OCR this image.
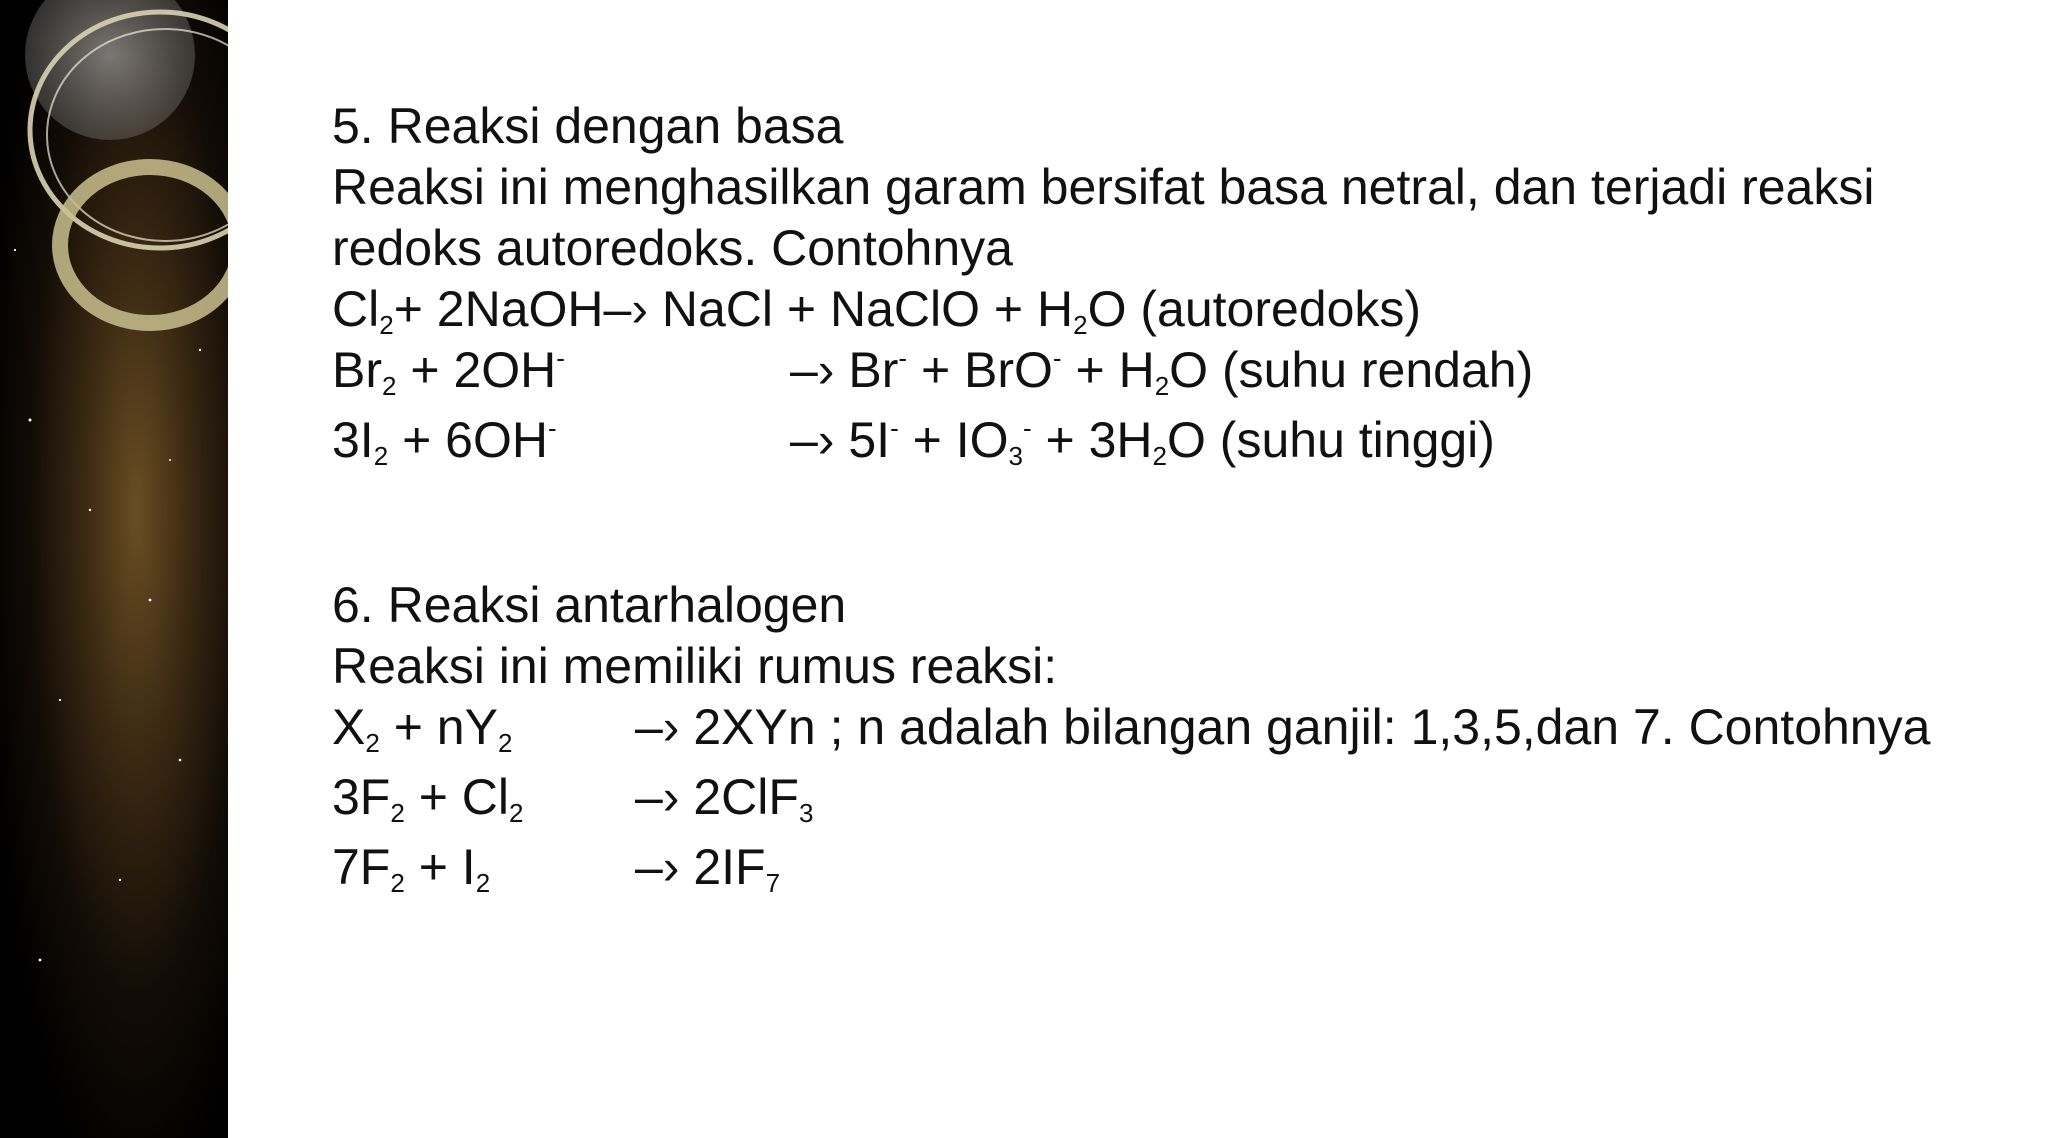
5. Reaksi dengan basa
Reaksi ini menghasilkan garam bersifat basa netral, dan terjadi reaksi redoks autoredoks. Contohnya
$Cl_2+$ 2NaOH–› NaCl + NaClO + $H_2O$ (autoredoks)
$Br_2 + 2OH^-$	–› $Br^- + BrO^- + H_2O$ (suhu rendah)
$3I_2 + 6OH^-$	–› $5I^- + IO_3^- + 3H_2O$ (suhu tinggi)
6. Reaksi antarhalogen
Reaksi ini memiliki rumus reaksi:
$X_2 + nY_2$ –› 2XYn ; n adalah bilangan ganjil: 1,3,5,dan 7. Contohnya
$3F_2 + Cl_2$ –› 2ClF$_3$
$7F_2 + I_2$	–› $2IF_7$
